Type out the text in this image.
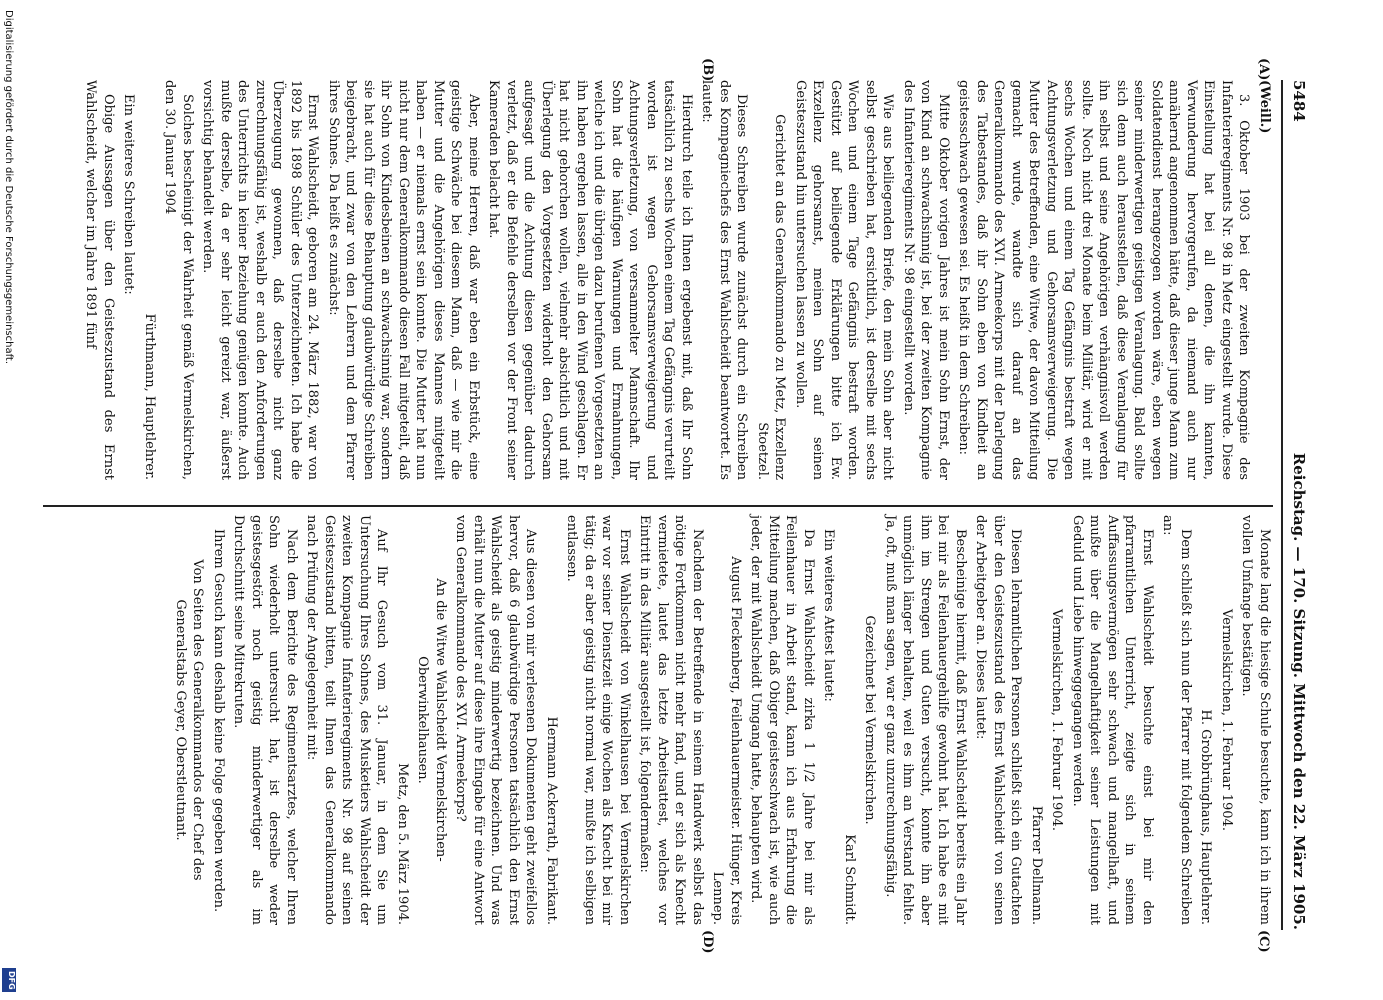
5484
Reichstag. — 170. Sitzung. Mittwoch den 22. März 1905.
(A)
(B)
(C)
(D)

(Weill.)

3. Oktober 1903 bei der zweiten Kompagnie des Infanterieregiments Nr. 98 in Metz eingestellt wurde. Diese Einstellung hat bei all denen, die ihn kannten, Verwunderung hervorgerufen, da niemand auch nur annähernd angenommen hätte, daß dieser junge Mann zum Soldatendienst herangezogen worden wäre, eben wegen seiner minderwertigen geistigen Veranlagung. Bald sollte sich denn auch herausstellen, daß diese Veranlagung für ihn selbst und seine Angehörigen verhängnisvoll werden sollte. Noch nicht drei Monate beim Militär, wird er mit sechs Wochen und einem Tag Gefängnis bestraft wegen Achtungsverletzung und Gehorsamsverweigerung. Die Mutter des Betreffenden, eine Witwe, der davon Mitteilung gemacht wurde, wandte sich darauf an das Generalkommando des XVI. Armeekorps mit der Darlegung des Tatbestandes, daß ihr Sohn eben von Kindheit an geistesschwach gewesen sei. Es heißt in dem Schreiben:

Mitte Oktober vorigen Jahres ist mein Sohn Ernst, der von Kind an schwachsinnig ist, bei der zweiten Kompagnie des Infanterieregiments Nr. 98 eingestellt worden.

Wie aus beiliegenden Briefe, den mein Sohn aber nicht selbst geschrieben hat, ersichtlich, ist derselbe mit sechs Wochen und einem Tage Gefängnis bestraft worden. Gestützt auf beiliegende Erklärungen bitte ich Ew. Exzellenz gehorsamst, meinen Sohn auf seinen Geisteszustand hin untersuchen lassen zu wollen.

Gerichtet an das Generalkommando zu Metz, Exzellenz Stoetzel.

Dieses Schreiben wurde zunächst durch ein Schreiben des Kompagniechefs des Ernst Wahlscheidt beantwortet. Es lautet:

Hierdurch teile ich Ihnen ergebenst mit, daß Ihr Sohn tatsächlich zu sechs Wochen einem Tag Gefängnis verurteilt worden ist wegen Gehorsamsverweigerung und Achtungsverletzung, von versammelter Mannschaft. Ihr Sohn hat die häufigen Warnungen und Ermahnungen, welche ich und die übrigen dazu berufenen Vorgesetzten an ihn haben ergehen lassen, alle in den Wind geschlagen. Er hat nicht gehorchen wollen, vielmehr absichtlich und mit Überlegung den Vorgesetzten widerholt den Gehorsam aufgesagt und die Achtung diesen gegenüber dadurch verletzt, daß er die Befehle derselben vor der Front seiner Kameraden belacht hat.

Aber, meine Herren, daß war eben ein Erbstück, eine geistige Schwäche bei diesem Mann, daß — wie mir die Mutter und die Angehörigen dieses Mannes mitgeteilt haben — er niemals ernst sein konnte. Die Mutter hat nun nicht nur dem Generalkommando diesen Fall mitgeteilt, daß ihr Sohn von Kindesbeinen an schwachsinnig war, sondern sie hat auch für diese Behauptung glaubwürdige Schreiben beigebracht, und zwar von den Lehrern und dem Pfarrer ihres Sohnes. Da heißt es zunächst:

Ernst Wahlscheidt, geboren am 24. März 1882, war von 1892 bis 1898 Schüler des Unterzeichneten. Ich habe die Überzeugung gewonnen, daß derselbe nicht ganz zurechnungsfähig ist, weshalb er auch den Anforderungen des Unterrichts in keiner Beziehung genügen konnte. Auch mußte derselbe, da er sehr leicht gereizt war, äußerst vorsichtig behandelt werden.

Solches bescheinigt der Wahrheit gemäß Vermelskirchen, den 30. Januar 1904

Fürthmann, Hauptlehrer.

Ein weiteres Schreiben lautet:

Obige Aussagen über den Geisteszustand des Ernst Wahlscheidt, welcher im Jahre 1891 fünf

Monate lang die hiesige Schule besuchte, kann ich in ihrem vollen Umfange bestätigen.

Vermelskirchen, 1. Februar 1904.

H. Grobbrünghaus, Hauptlehrer.

Dem schließt sich nun der Pfarrer mit folgendem Schreiben an:

Ernst Wahlscheidt besuchte einst bei mir den pfarramtlichen Unterricht, zeigte sich in seinem Auffassungsvermögen sehr schwach und mangelhaft, und mußte über die Mangelhaftigkeit seiner Leistungen mit Geduld und Liebe hinweggegangen werden.

Vermelskirchen, 1. Februar 1904.

Pfarrer Dellmann.

Diesen lehramtlichen Personen schließt sich ein Gutachten über den Geisteszustand des Ernst Wahlscheidt von seinen der Arbeitgeber an. Dieses lautet:

Bescheinige hiermit, daß Ernst Wahlscheidt bereits ein Jahr bei mir als Feilenhauergehilfe gewohnt hat. Ich habe es mit ihm im Strengen und Guten versucht, konnte ihn aber unmöglich länger behalten, weil es ihm an Verstand fehlte. Ja, oft, muß man sagen, war er ganz unzurechnungsfähig.

Gezeichnet bei Vermelskirchen.

Karl Schmidt.

Ein weiteres Attest lautet:

Da Ernst Wahlscheidt zirka 1 1/2 Jahre bei mir als Feilenhauer in Arbeit stand, kann ich aus Erfahrung die Mitteilung machen, daß Obiger geistesschwach ist, wie auch jeder, der mit Wahlscheidt Umgang hatte, behaupten wird.

August Fleckenberg, Feilenhauermeister. Hünger, Kreis Lennep.

Nachdem der Betreffende in seinem Handwerk selbst das nötige Fortkommen nicht mehr fand, und er sich als Knecht vermietete, lautet das letzte Arbeitsattest, welches vor Eintritt in das Militär ausgestellt ist, folgendermaßen:

Ernst Wahlscheidt von Winkelhausen bei Vermelskirchen war vor seiner Dienstzeit einige Wochen als Knecht bei mir tätig; da er aber geistig nicht normal war, mußte ich selbigen entlassen.

Hermann Ackerrath, Fabrikant.

Aus diesen von mir verlesenen Dokumenten geht zweifellos hervor, daß 6 glaubwürdige Personen tatsächlich den Ernst Wahlscheidt als geistig minderwertig bezeichnen. Und was erhält nun die Mutter auf diese ihre Eingabe für eine Antwort vom Generalkommando des XVI. Armeekorps?

An die Witwe Wahlscheidt Vermelskirchen-Oberwinkelhausen.

Metz, den 5. März 1904.

Auf Ihr Gesuch vom 31. Januar, in dem Sie um Untersuchung Ihres Sohnes, des Musketiers Wahlscheidt der zweiten Kompagnie Infanterieregiments Nr. 98 auf seinen Geisteszustand bitten, teilt Ihnen das Generalkommando nach Prüfung der Angelegenheit mit:

Nach dem Berichte des Regimentsarztes, welcher Ihren Sohn wiederholt untersucht hat, ist derselbe weder geistesgestört noch geistig minderwertiger als im Durchschnitt seine Mitrekruten.

Ihrem Gesuch kann deshalb keine Folge gegeben werden.

Von Seiten des Generalkommandos der Chef des Generalstabs Geyer, Oberstleutnant.

Digitalisierung gefördert durch die Deutsche Forschungsgemeinschaft.
DFG
